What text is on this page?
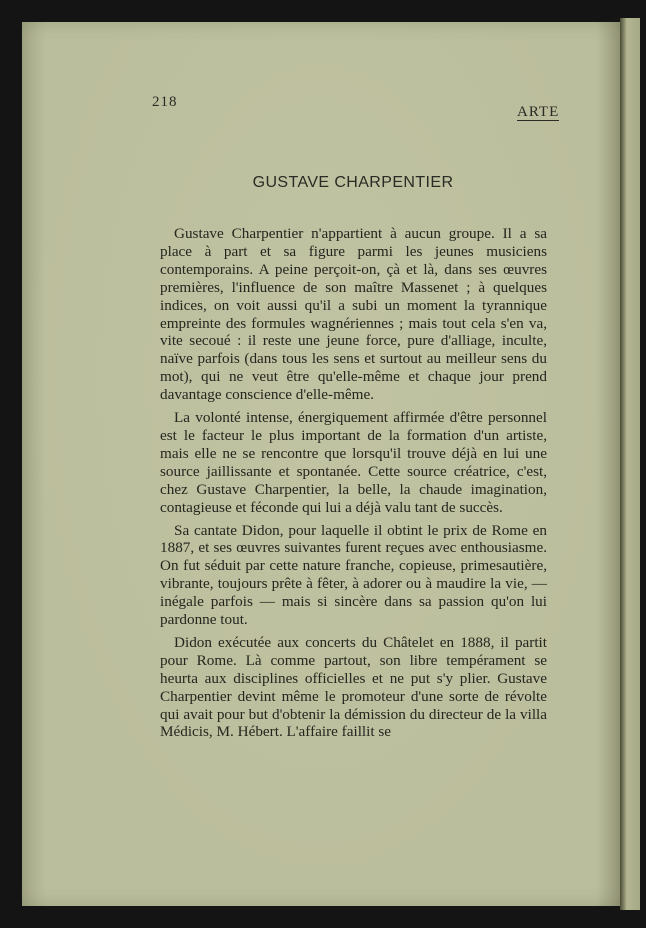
218
ARTE
GUSTAVE CHARPENTIER

Gustave Charpentier n'appartient à aucun groupe. Il a sa place à part et sa figure parmi les jeunes musiciens contemporains. A peine perçoit-on, çà et là, dans ses œuvres premières, l'influence de son maître Massenet ; à quelques indices, on voit aussi qu'il a subi un moment la tyrannique empreinte des formules wagnériennes ; mais tout cela s'en va, vite secoué : il reste une jeune force, pure d'alliage, inculte, naïve parfois (dans tous les sens et surtout au meilleur sens du mot), qui ne veut être qu'elle-même et chaque jour prend davantage conscience d'elle-même.

La volonté intense, énergiquement affirmée d'être personnel est le facteur le plus important de la formation d'un artiste, mais elle ne se rencontre que lorsqu'il trouve déjà en lui une source jaillissante et spontanée. Cette source créatrice, c'est, chez Gustave Charpentier, la belle, la chaude imagination, contagieuse et féconde qui lui a déjà valu tant de succès.

Sa cantate Didon, pour laquelle il obtint le prix de Rome en 1887, et ses œuvres suivantes furent reçues avec enthousiasme. On fut séduit par cette nature franche, copieuse, primesautière, vibrante, toujours prête à fêter, à adorer ou à maudire la vie, — inégale parfois — mais si sincère dans sa passion qu'on lui pardonne tout.

Didon exécutée aux concerts du Châtelet en 1888, il partit pour Rome. Là comme partout, son libre tempérament se heurta aux disciplines officielles et ne put s'y plier. Gustave Charpentier devint même le promoteur d'une sorte de révolte qui avait pour but d'obtenir la démission du directeur de la villa Médicis, M. Hébert. L'affaire faillit se
